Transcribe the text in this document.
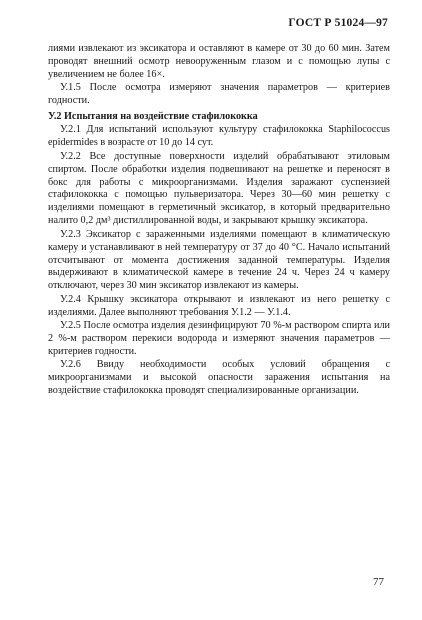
ГОСТ Р 51024—97

лиями извлекают из эксикатора и оставляют в камере от 30 до 60 мин. Затем проводят внешний осмотр невооруженным глазом и с помощью лупы с увеличением не более 16×.

У.1.5 После осмотра измеряют значения параметров — критериев годности.

У.2 Испытания на воздействие стафилококка

У.2.1 Для испытаний используют культуру стафилококка Staphilococcus epidermides в возрасте от 10 до 14 сут.

У.2.2 Все доступные поверхности изделий обрабатывают этиловым спиртом. После обработки изделия подвешивают на решетке и переносят в бокс для работы с микроорганизмами. Изделия заражают суспензией стафилококка с помощью пульверизатора. Через 30—60 мин решетку с изделиями помещают в герметичный эксикатор, в который предварительно налито 0,2 дм³ дистиллированной воды, и закрывают крышку эксикатора.

У.2.3 Эксикатор с зараженными изделиями помещают в климатическую камеру и устанавливают в ней температуру от 37 до 40 °С. Начало испытаний отсчитывают от момента достижения заданной температуры. Изделия выдерживают в климатической камере в течение 24 ч. Через 24 ч камеру отключают, через 30 мин эксикатор извлекают из камеры.

У.2.4 Крышку эксикатора открывают и извлекают из него решетку с изделиями. Далее выполняют требования У.1.2 — У.1.4.

У.2.5 После осмотра изделия дезинфицируют 70 %-м раствором спирта или 2 %-м раствором перекиси водорода и измеряют значения параметров — критериев годности.

У.2.6 Ввиду необходимости особых условий обращения с микроорганизмами и высокой опасности заражения испытания на воздействие стафилококка проводят специализированные организации.

77
